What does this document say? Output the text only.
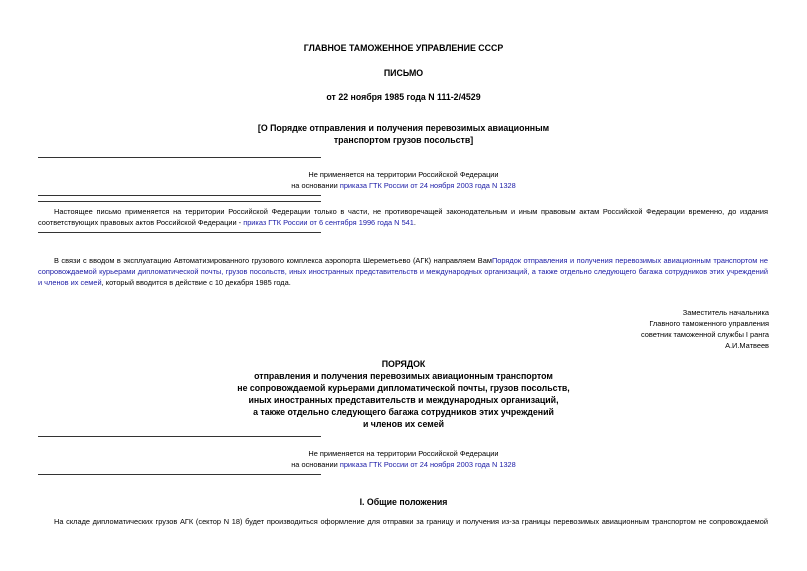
ГЛАВНОЕ ТАМОЖЕННОЕ УПРАВЛЕНИЕ СССР
ПИСЬМО
от 22 ноября 1985 года N 111-2/4529
[О Порядке отправления и получения перевозимых авиационным
транспортом грузов посольств]
Не применяется на территории Российской Федерации
на основании приказа ГТК России от 24 ноября 2003 года N 1328
Настоящее письмо применяется на территории Российской Федерации только в части, не противоречащей законодательным и иным правовым актам Российской Федерации временно, до издания соответствующих правовых актов Российской Федерации - приказ ГТК России от 6 сентября 1996 года N 541.
В связи с вводом в эксплуатацию Автоматизированного грузового комплекса аэропорта Шереметьево (АГК) направляем ВамПорядок отправления и получения перевозимых авиационным транспортом не сопровождаемой курьерами дипломатической почты, грузов посольств, иных иностранных представительств и международных организаций, а также отдельно следующего багажа сотрудников этих учреждений и членов их семей, который вводится в действие с 10 декабря 1985 года.
Заместитель начальника
Главного таможенного управления
советник таможенной службы I ранга
А.И.Матвеев
ПОРЯДОК
отправления и получения перевозимых авиационным транспортом
не сопровождаемой курьерами дипломатической почты, грузов посольств,
иных иностранных представительств и международных организаций,
а также отдельно следующего багажа сотрудников этих учреждений
и членов их семей
Не применяется на территории Российской Федерации
на основании приказа ГТК России от 24 ноября 2003 года N 1328
I. Общие положения
На складе дипломатических грузов АГК (сектор N 18) будет производиться оформление для отправки за границу и получения из-за границы перевозимых авиационным транспортом не сопровождаемой
